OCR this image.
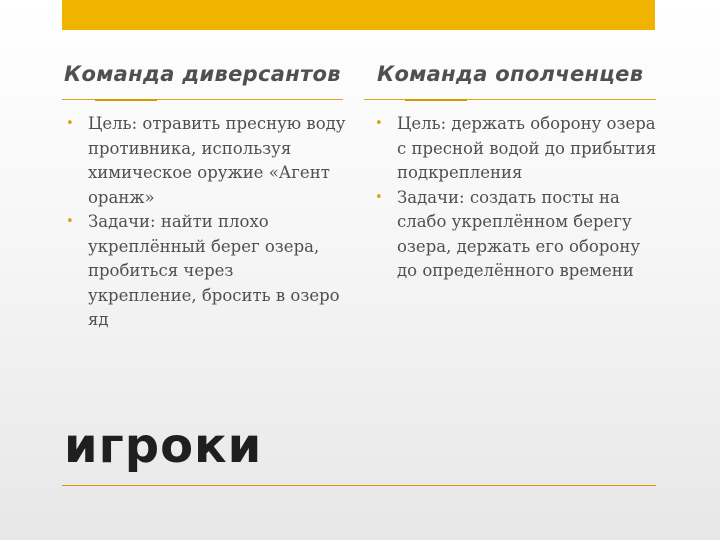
Команда диверсантов Команда ополченцев
• Цель: отравить пресную воду противника, используя химическое оружие «Агент оранж»
• Задачи: найти плохо укреплённый берег озера, пробиться через укрепление, бросить в озеро яд
• Цель: держать оборону озера с пресной водой до прибытия подкрепления
• Задачи: создать посты на слабо укреплённом берегу озера, держать его оборону до определённого времени
игроки
